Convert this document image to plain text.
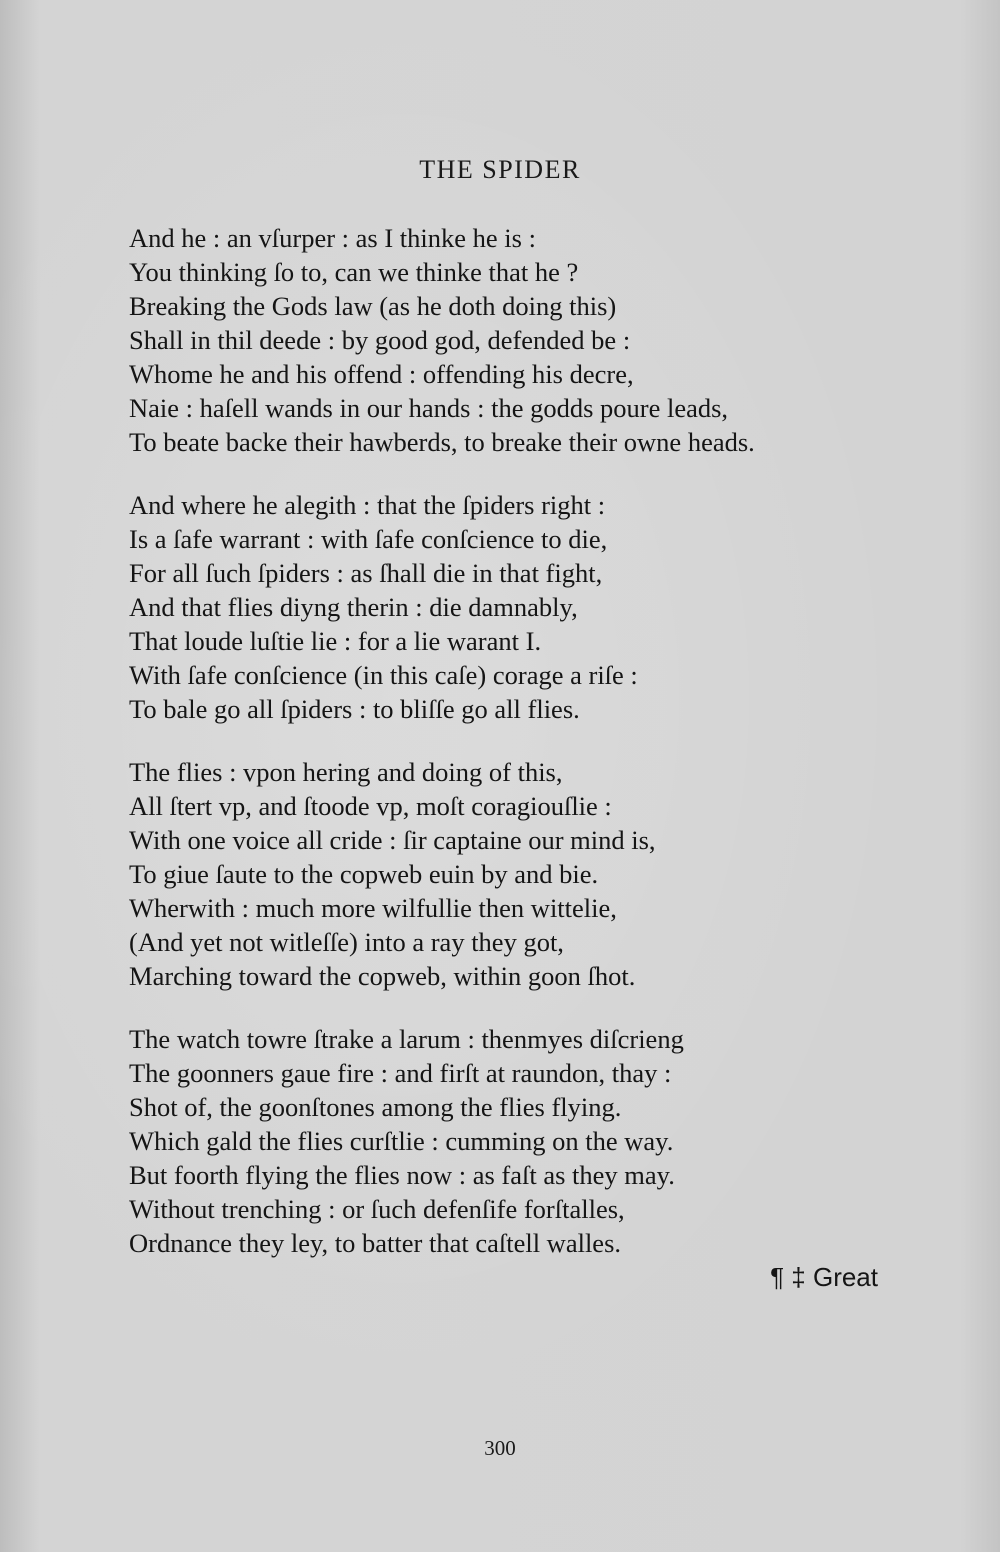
THE SPIDER
And he : an vſurper : as I thinke he is :
You thinking ſo to, can we thinke that he ?
Breaking the Gods law (as he doth doing this)
Shall in thil deede : by good god, defended be :
Whome he and his offend : offending his decre,
Naie : haſell wands in our hands : the godds poure leads,
To beate backe their hawberds, to breake their owne heads.
And where he alegith : that the ſpiders right :
Is a ſafe warrant : with ſafe conſcience to die,
For all ſuch ſpiders : as ſhall die in that fight,
And that flies diyng therin : die damnably,
That loude luſtie lie : for a lie warant I.
With ſafe conſcience (in this caſe) corage a riſe :
To bale go all ſpiders : to bliſſe go all flies.
The flies : vpon hering and doing of this,
All ſtert vp, and ſtoode vp, moſt coragiouſlie :
With one voice all cride : ſir captaine our mind is,
To giue ſaute to the copweb euin by and bie.
Wherwith : much more wilfullie then wittelie,
(And yet not witleſſe) into a ray they got,
Marching toward the copweb, within goon ſhot.
The watch towre ſtrake a larum : thenmyes diſcrieng
The goonners gaue fire : and firſt at raundon, thay :
Shot of, the goonſtones among the flies flying.
Which gald the flies curſtlie : cumming on the way.
But foorth flying the flies now : as faſt as they may.
Without trenching : or ſuch defenſife forſtalles,
Ordnance they ley, to batter that caſtell walles.
¶ ‡ Great
300
